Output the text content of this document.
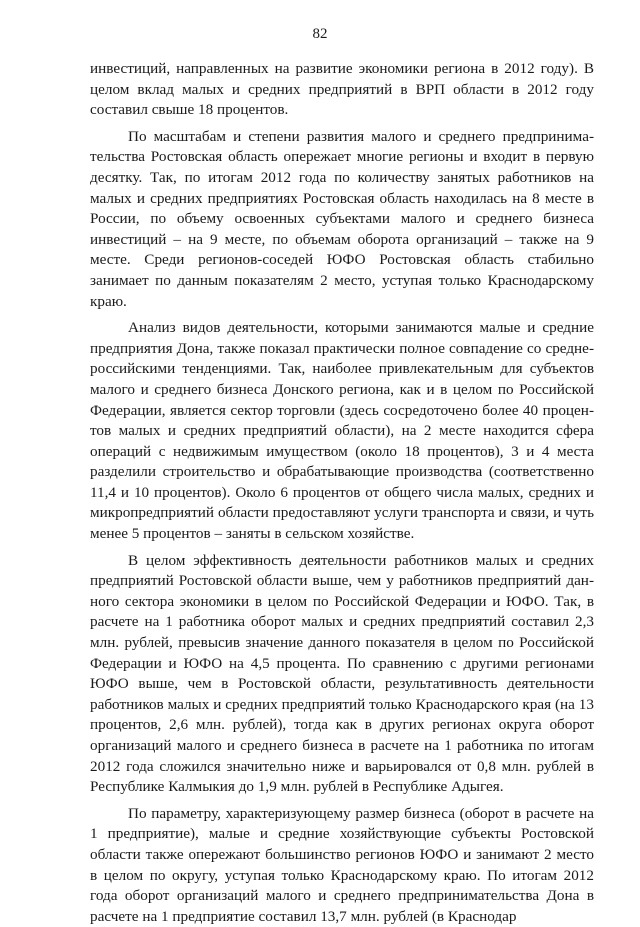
82

инвестиций, направленных на развитие экономики региона в 2012 году). В целом вклад малых и средних предприятий в ВРП области в 2012 году составил свыше 18 процентов.

По масштабам и степени развития малого и среднего предпринимательства Ростовская область опережает многие регионы и входит в первую десятку. Так, по итогам 2012 года по количеству занятых работников на малых и средних предприятиях Ростовская область находилась на 8 месте в России, по объему освоенных субъектами малого и среднего бизнеса инвестиций – на 9 месте, по объемам оборота организаций – также на 9 месте. Среди регионов-соседей ЮФО Ростовская область стабильно занимает по данным показателям 2 место, уступая только Краснодарскому краю.

Анализ видов деятельности, которыми занимаются малые и средние предприятия Дона, также показал практически полное совпадение со среднероссийскими тенденциями. Так, наиболее привлекательным для субъектов малого и среднего бизнеса Донского региона, как и в целом по Российской Федерации, является сектор торговли (здесь сосредоточено более 40 процентов малых и средних предприятий области), на 2 месте находится сфера операций с недвижимым имуществом (около 18 процентов), 3 и 4 места разделили строительство и обрабатывающие производства (соответственно 11,4 и 10 процентов). Около 6 процентов от общего числа малых, средних и микропредприятий области предоставляют услуги транспорта и связи, и чуть менее 5 процентов – заняты в сельском хозяйстве.

В целом эффективность деятельности работников малых и средних предприятий Ростовской области выше, чем у работников предприятий данного сектора экономики в целом по Российской Федерации и ЮФО. Так, в расчете на 1 работника оборот малых и средних предприятий составил 2,3 млн. рублей, превысив значение данного показателя в целом по Российской Федерации и ЮФО на 4,5 процента. По сравнению с другими регионами ЮФО выше, чем в Ростовской области, результативность деятельности работников малых и средних предприятий только Краснодарского края (на 13 процентов, 2,6 млн. рублей), тогда как в других регионах округа оборот организаций малого и среднего бизнеса в расчете на 1 работника по итогам 2012 года сложился значительно ниже и варьировался от 0,8 млн. рублей в Республике Калмыкия до 1,9 млн. рублей в Республике Адыгея.

По параметру, характеризующему размер бизнеса (оборот в расчете на 1 предприятие), малые и средние хозяйствующие субъекты Ростовской области также опережают большинство регионов ЮФО и занимают 2 место в целом по округу, уступая только Краснодарскому краю. По итогам 2012 года оборот организаций малого и среднего предпринимательства Дона в расчете на 1 предприятие составил 13,7 млн. рублей (в Краснодар
